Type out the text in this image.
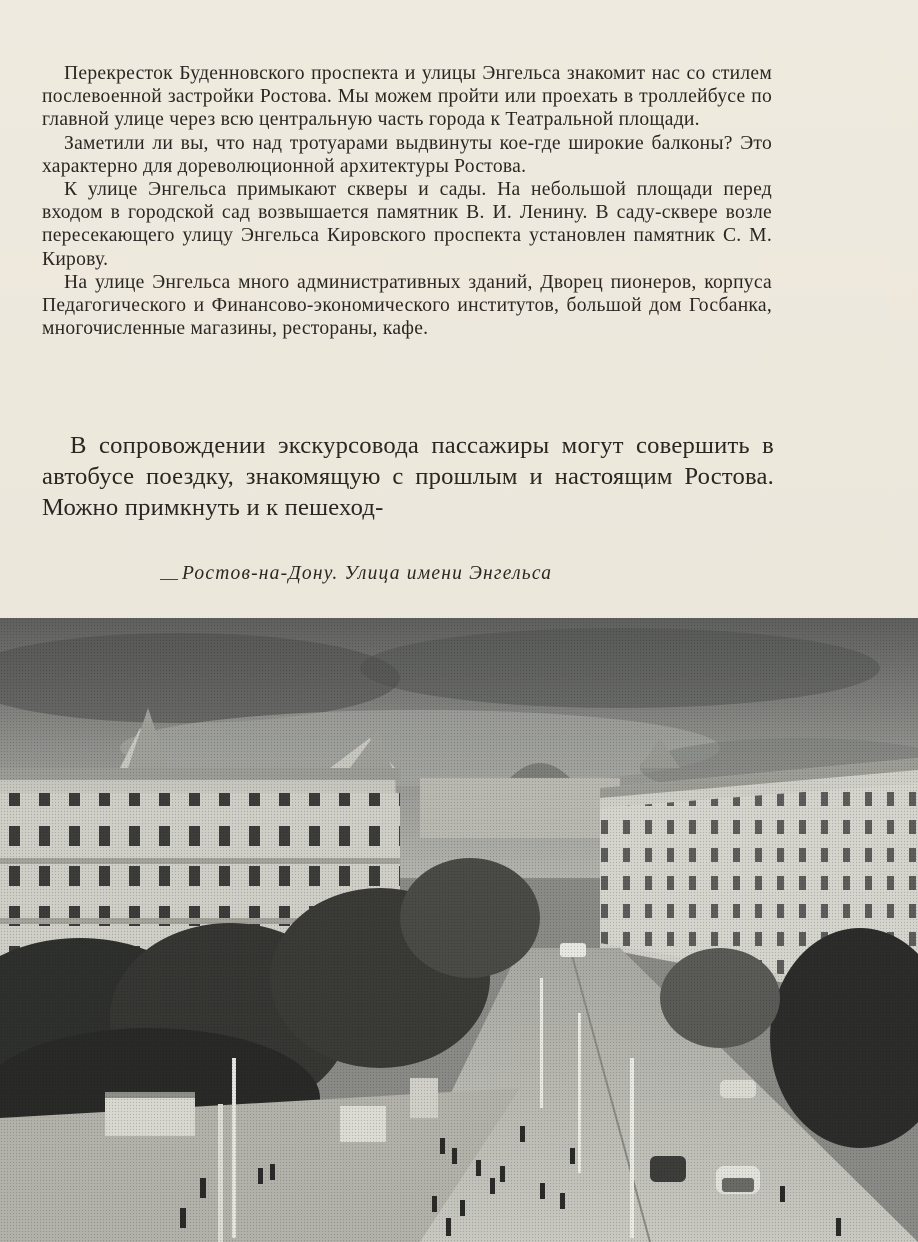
Перекресток Буденновского проспекта и улицы Энгельса знакомит нас со стилем послевоенной застройки Ростова. Мы можем пройти или проехать в троллейбусе по главной улице через всю центральную часть города к Театральной площади.

Заметили ли вы, что над тротуарами выдвинуты кое-где широкие балконы? Это характерно для дореволюционной архитектуры Ростова.

К улице Энгельса примыкают скверы и сады. На небольшой площади перед входом в городской сад возвышается памятник В. И. Ленину. В саду-сквере возле пересекающего улицу Энгельса Кировского проспекта установлен памятник С. М. Кирову.

На улице Энгельса много административных зданий, Дворец пионеров, корпуса Педагогического и Финансово-экономического институтов, большой дом Госбанка, многочисленные магазины, рестораны, кафе.

В сопровождении экскурсовода пассажиры могут совершить в автобусе поездку, знакомящую с прошлым и настоящим Ростова. Можно примкнуть и к пешеход-

Ростов-на-Дону. Улица имени Энгельса
